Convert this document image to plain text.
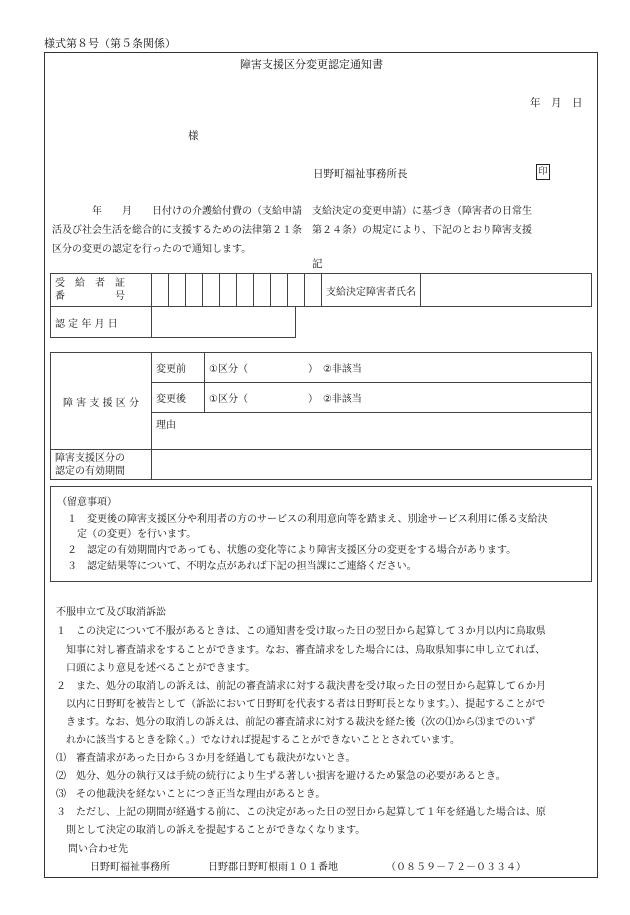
様式第８号（第５条関係）
障害支援区分変更認定通知書
年　月　日
様
日野町福祉事務所長	印
　　　　年　　月　　日付けの介護給付費の（支給申請　支給決定の変更申請）に基づき（障害者の日常生
活及び社会生活を総合的に支援するための法律第２１条　第２４条）の規定により、下記のとおり障害支援
区分の変更の認定を行ったので通知します。
記
受　給　者　証
番　　　　　号											支給決定障害者氏名	
認 定 年 月 日	
障 害 支 援 区 分	変更前	①区分（　　　　　　）　②非該当
	変更後	①区分（　　　　　　）　②非該当
	理由	

障害支援区分の
認定の有効期間		

（留意事項）
　１　変更後の障害支援区分や利用者の方のサービスの利用意向等を踏まえ、別途サービス利用に係る支給決
　　定（の変更）を行います。
　２　認定の有効期間内であっても、状態の変化等により障害支援区分の変更をする場合があります。
　３　認定結果等について、不明な点があれば下記の担当課にご連絡ください。
不服申立て及び取消訴訟
１　この決定について不服があるときは、この通知書を受け取った日の翌日から起算して３か月以内に鳥取県
　知事に対し審査請求をすることができます。なお、審査請求をした場合には、鳥取県知事に申し立てれば、
　口頭により意見を述べることができます。
２　また、処分の取消しの訴えは、前記の審査請求に対する裁決書を受け取った日の翌日から起算して６か月
　以内に日野町を被告として（訴訟において日野町を代表する者は日野町長となります。）、提起することがで
　きます。なお、処分の取消しの訴えは、前記の審査請求に対する裁決を経た後（次の⑴から⑶までのいず
　れかに該当するときを除く。）でなければ提起することができないこととされています。
⑴　審査請求があった日から３か月を経過しても裁決がないとき。
⑵　処分、処分の執行又は手続の続行により生ずる著しい損害を避けるため緊急の必要があるとき。
⑶　その他裁決を経ないことにつき正当な理由があるとき。
３　ただし、上記の期間が経過する前に、この決定があった日の翌日から起算して１年を経過した場合は、原
　則として決定の取消しの訴えを提起することができなくなります。
問い合わせ先
日野町福祉事務所	日野郡日野町根雨１０１番地	（０８５９－７２－０３３４）
